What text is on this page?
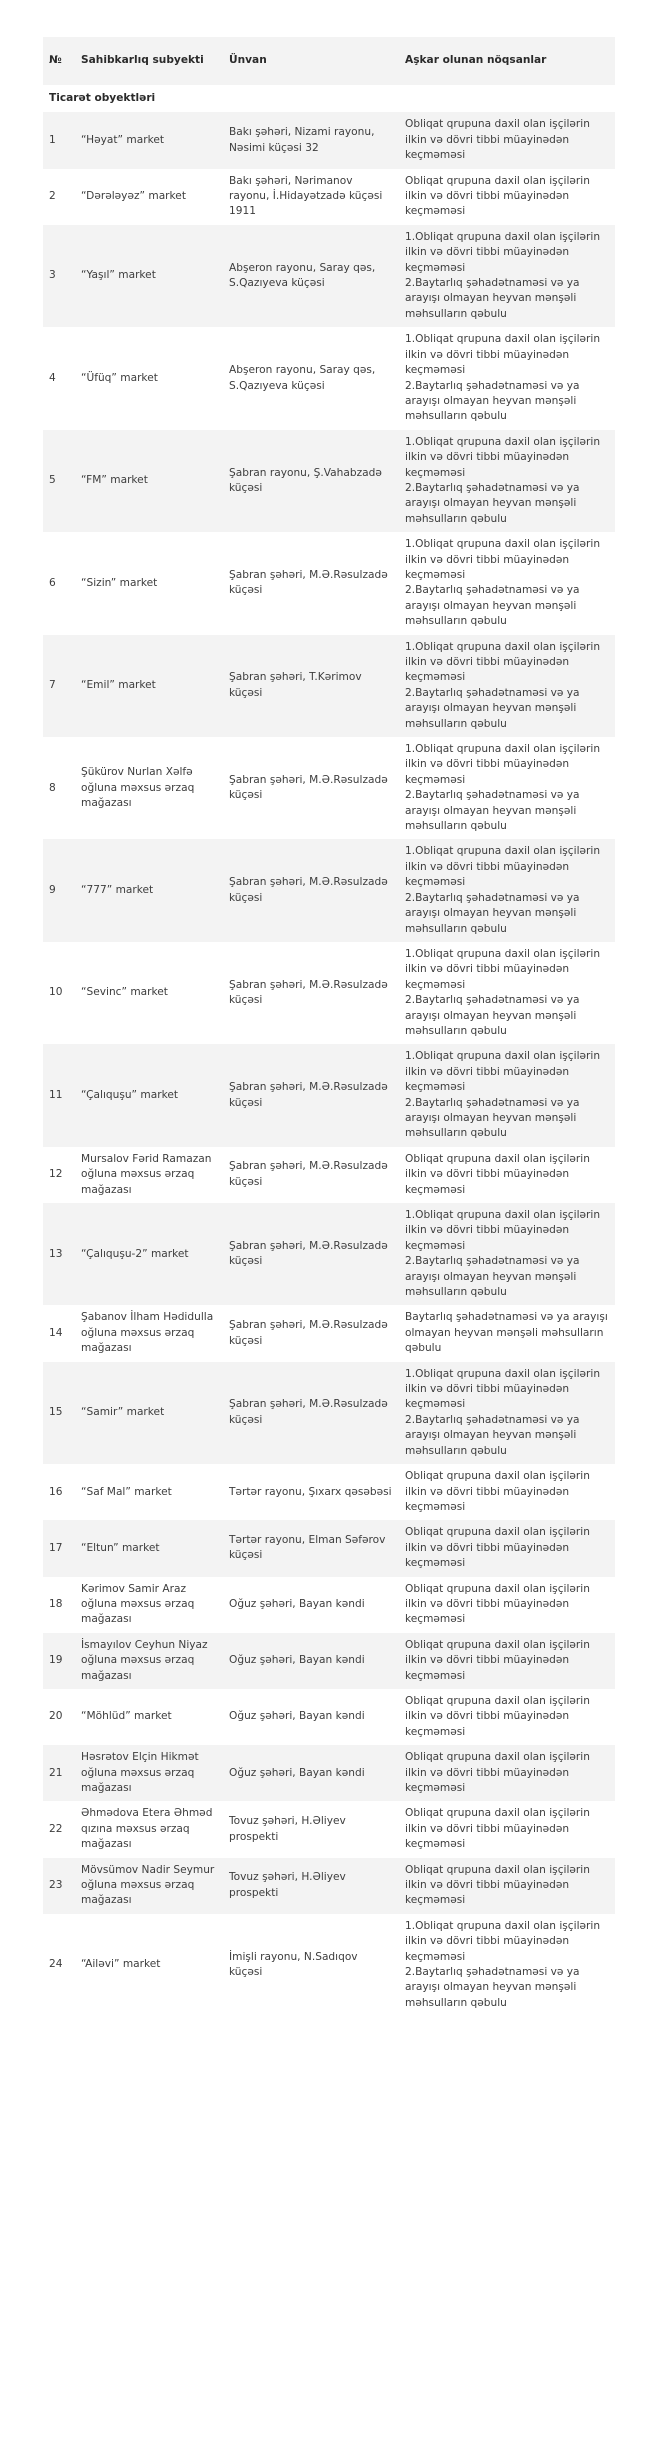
№	Sahibkarlıq subyekti	Ünvan	Aşkar olunan nöqsanlar
Ticarət obyektləri			
1	“Həyat” market	Bakı şəhəri, Nizami rayonu, Nəsimi küçəsi 32	Obliqat qrupuna daxil olan işçilərin ilkin və dövri tibbi müayinədən keçməməsi
2	“Dərələyəz” market	Bakı şəhəri, Nərimanov rayonu, İ.Hidayətzadə küçəsi 1911	Obliqat qrupuna daxil olan işçilərin ilkin və dövri tibbi müayinədən keçməməsi
3	“Yaşıl” market	Abşeron rayonu, Saray qəs, S.Qazıyeva küçəsi	1.Obliqat qrupuna daxil olan işçilərin ilkin və dövri tibbi müayinədən keçməməsi
2.Baytarlıq şəhadətnaməsi və ya arayışı olmayan heyvan mənşəli məhsulların qəbulu
4	“Üfüq” market	Abşeron rayonu, Saray qəs, S.Qazıyeva küçəsi	1.Obliqat qrupuna daxil olan işçilərin ilkin və dövri tibbi müayinədən keçməməsi
2.Baytarlıq şəhadətnaməsi və ya arayışı olmayan heyvan mənşəli məhsulların qəbulu
5	“FM” market	Şabran rayonu, Ş.Vahabzadə küçəsi	1.Obliqat qrupuna daxil olan işçilərin ilkin və dövri tibbi müayinədən keçməməsi
2.Baytarlıq şəhadətnaməsi və ya arayışı olmayan heyvan mənşəli məhsulların qəbulu
6	“Sizin” market	Şabran şəhəri, M.Ə.Rəsulzadə küçəsi	1.Obliqat qrupuna daxil olan işçilərin ilkin və dövri tibbi müayinədən keçməməsi
2.Baytarlıq şəhadətnaməsi və ya arayışı olmayan heyvan mənşəli məhsulların qəbulu
7	“Emil” market	Şabran şəhəri, T.Kərimov küçəsi	1.Obliqat qrupuna daxil olan işçilərin ilkin və dövri tibbi müayinədən keçməməsi
2.Baytarlıq şəhadətnaməsi və ya arayışı olmayan heyvan mənşəli məhsulların qəbulu
8	Şükürov Nurlan Xəlfə oğluna məxsus ərzaq mağazası	Şabran şəhəri, M.Ə.Rəsulzadə küçəsi	1.Obliqat qrupuna daxil olan işçilərin ilkin və dövri tibbi müayinədən keçməməsi
2.Baytarlıq şəhadətnaməsi və ya arayışı olmayan heyvan mənşəli məhsulların qəbulu
9	“777” market	Şabran şəhəri, M.Ə.Rəsulzadə küçəsi	1.Obliqat qrupuna daxil olan işçilərin ilkin və dövri tibbi müayinədən keçməməsi
2.Baytarlıq şəhadətnaməsi və ya arayışı olmayan heyvan mənşəli məhsulların qəbulu
10	“Sevinc” market	Şabran şəhəri, M.Ə.Rəsulzadə küçəsi	1.Obliqat qrupuna daxil olan işçilərin ilkin və dövri tibbi müayinədən keçməməsi
2.Baytarlıq şəhadətnaməsi və ya arayışı olmayan heyvan mənşəli məhsulların qəbulu
11	“Çalıquşu” market	Şabran şəhəri, M.Ə.Rəsulzadə küçəsi	1.Obliqat qrupuna daxil olan işçilərin ilkin və dövri tibbi müayinədən keçməməsi
2.Baytarlıq şəhadətnaməsi və ya arayışı olmayan heyvan mənşəli məhsulların qəbulu
12	Mursalov Fərid Ramazan oğluna məxsus ərzaq mağazası	Şabran şəhəri, M.Ə.Rəsulzadə küçəsi	Obliqat qrupuna daxil olan işçilərin ilkin və dövri tibbi müayinədən keçməməsi
13	“Çalıquşu-2” market	Şabran şəhəri, M.Ə.Rəsulzadə küçəsi	1.Obliqat qrupuna daxil olan işçilərin ilkin və dövri tibbi müayinədən keçməməsi
2.Baytarlıq şəhadətnaməsi və ya arayışı olmayan heyvan mənşəli məhsulların qəbulu
14	Şabanov İlham Hədidulla oğluna məxsus ərzaq mağazası	Şabran şəhəri, M.Ə.Rəsulzadə küçəsi	Baytarlıq şəhadətnaməsi və ya arayışı olmayan heyvan mənşəli məhsulların qəbulu
15	“Samir” market	Şabran şəhəri, M.Ə.Rəsulzadə küçəsi	1.Obliqat qrupuna daxil olan işçilərin ilkin və dövri tibbi müayinədən keçməməsi
2.Baytarlıq şəhadətnaməsi və ya arayışı olmayan heyvan mənşəli məhsulların qəbulu
16	“Saf Mal” market	Tərtər rayonu, Şıxarx qəsəbəsi	Obliqat qrupuna daxil olan işçilərin ilkin və dövri tibbi müayinədən keçməməsi
17	“Eltun” market	Tərtər rayonu, Elman Səfərov küçəsi	Obliqat qrupuna daxil olan işçilərin ilkin və dövri tibbi müayinədən keçməməsi
18	Kərimov Samir Araz oğluna məxsus ərzaq mağazası	Oğuz şəhəri, Bayan kəndi	Obliqat qrupuna daxil olan işçilərin ilkin və dövri tibbi müayinədən keçməməsi
19	İsmayılov Ceyhun Niyaz oğluna məxsus ərzaq mağazası	Oğuz şəhəri, Bayan kəndi	Obliqat qrupuna daxil olan işçilərin ilkin və dövri tibbi müayinədən keçməməsi
20	“Möhlüd” market	Oğuz şəhəri, Bayan kəndi	Obliqat qrupuna daxil olan işçilərin ilkin və dövri tibbi müayinədən keçməməsi
21	Həsrətov Elçin Hikmət oğluna məxsus ərzaq mağazası	Oğuz şəhəri, Bayan kəndi	Obliqat qrupuna daxil olan işçilərin ilkin və dövri tibbi müayinədən keçməməsi
22	Əhmədova Etera Əhməd qızına məxsus ərzaq mağazası	Tovuz şəhəri, H.Əliyev prospekti	Obliqat qrupuna daxil olan işçilərin ilkin və dövri tibbi müayinədən keçməməsi
23	Mövsümov Nadir Seymur oğluna məxsus ərzaq mağazası	Tovuz şəhəri, H.Əliyev prospekti	Obliqat qrupuna daxil olan işçilərin ilkin və dövri tibbi müayinədən keçməməsi
24	“Ailəvi” market	İmişli rayonu, N.Sadıqov küçəsi	1.Obliqat qrupuna daxil olan işçilərin ilkin və dövri tibbi müayinədən keçməməsi
2.Baytarlıq şəhadətnaməsi və ya arayışı olmayan heyvan mənşəli məhsulların qəbulu
